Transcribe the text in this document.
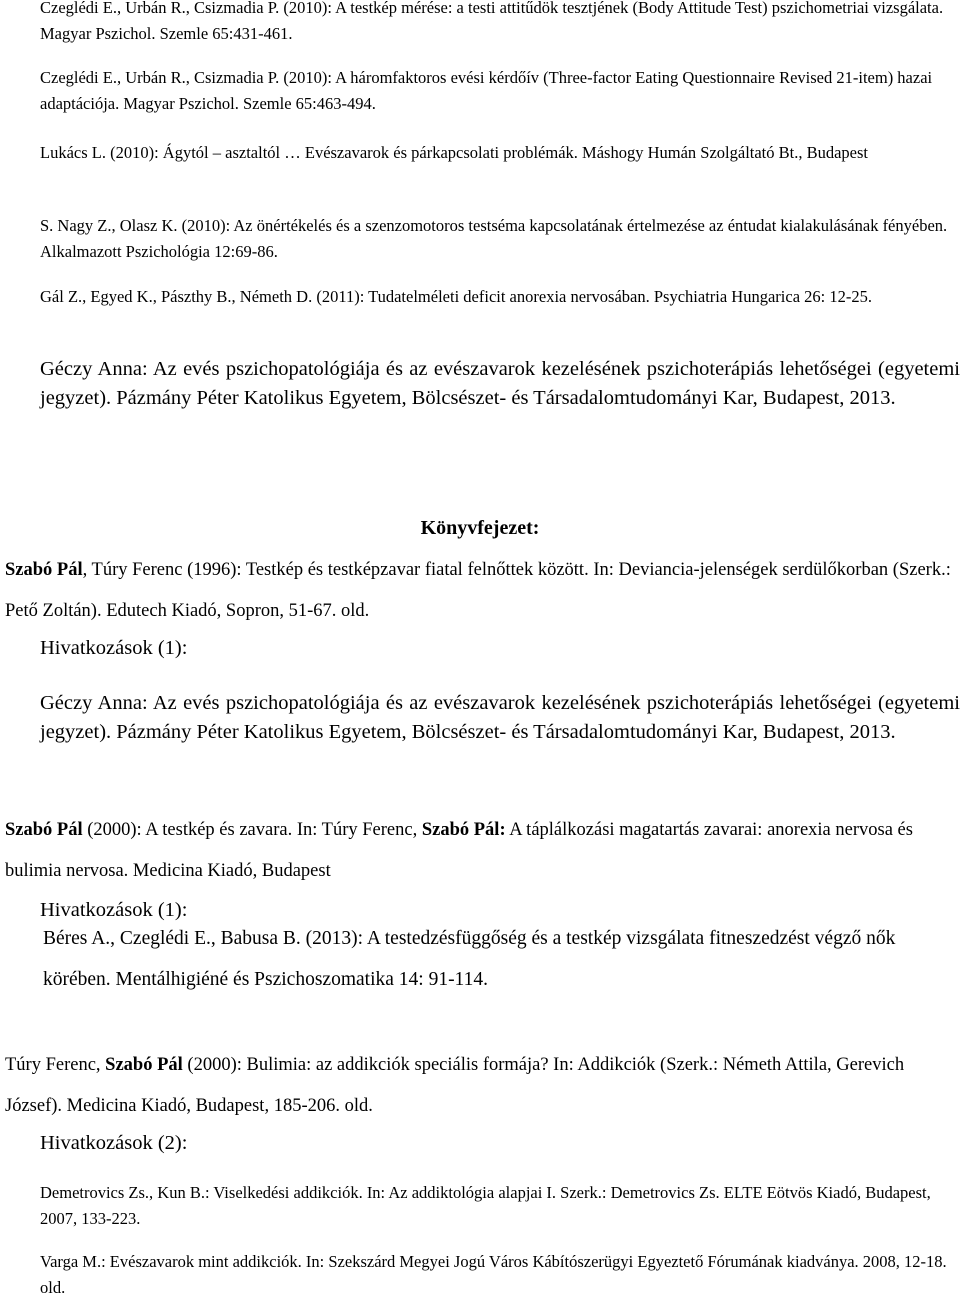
Czeglédi E., Urbán R., Csizmadia P. (2010): A testkép mérése: a testi attitűdök tesztjének (Body Attitude Test) pszichometriai vizsgálata. Magyar Pszichol. Szemle 65:431-461.

Czeglédi E., Urbán R., Csizmadia P. (2010): A háromfaktoros evési kérdőív (Three-factor Eating Questionnaire Revised 21-item) hazai adaptációja. Magyar Pszichol. Szemle 65:463-494.

Lukács L. (2010): Ágytól – asztaltól … Evészavarok és párkapcsolati problémák. Máshogy Humán Szolgáltató Bt., Budapest

S. Nagy Z., Olasz K. (2010): Az önértékelés és a szenzomotoros testséma kapcsolatának értelmezése az éntudat kialakulásának fényében. Alkalmazott Pszichológia 12:69-86.

Gál Z., Egyed K., Pászthy B., Németh D. (2011): Tudatelméleti deficit anorexia nervosában. Psychiatria Hungarica 26: 12-25.

Géczy Anna: Az evés pszichopatológiája és az evészavarok kezelésének pszichoterápiás lehetőségei (egyetemi jegyzet). Pázmány Péter Katolikus Egyetem, Bölcsészet- és Társadalomtudományi Kar, Budapest, 2013.

Könyvfejezet:

Szabó Pál, Túry Ferenc (1996): Testkép és testképzavar fiatal felnőttek között. In: Deviancia-jelenségek serdülőkorban (Szerk.: Pető Zoltán). Edutech Kiadó, Sopron, 51-67. old.

Hivatkozások (1):

Géczy Anna: Az evés pszichopatológiája és az evészavarok kezelésének pszichoterápiás lehetőségei (egyetemi jegyzet). Pázmány Péter Katolikus Egyetem, Bölcsészet- és Társadalomtudományi Kar, Budapest, 2013.

Szabó Pál (2000): A testkép és zavara. In: Túry Ferenc, Szabó Pál: A táplálkozási magatartás zavarai: anorexia nervosa és bulimia nervosa. Medicina Kiadó, Budapest

Hivatkozások (1):

Béres A., Czeglédi E., Babusa B. (2013): A testedzésfüggőség és a testkép vizsgálata fitneszedzést végző nők körében. Mentálhigiéné és Pszichoszomatika 14: 91-114.

Túry Ferenc, Szabó Pál (2000): Bulimia: az addikciók speciális formája? In: Addikciók (Szerk.: Németh Attila, Gerevich József). Medicina Kiadó, Budapest, 185-206. old.

Hivatkozások (2):

Demetrovics Zs., Kun B.: Viselkedési addikciók. In: Az addiktológia alapjai I. Szerk.: Demetrovics Zs. ELTE Eötvös Kiadó, Budapest, 2007, 133-223.

Varga M.: Evészavarok mint addikciók. In: Szekszárd Megyei Jogú Város Kábítószerügyi Egyeztető Fórumának kiadványa. 2008, 12-18. old.
